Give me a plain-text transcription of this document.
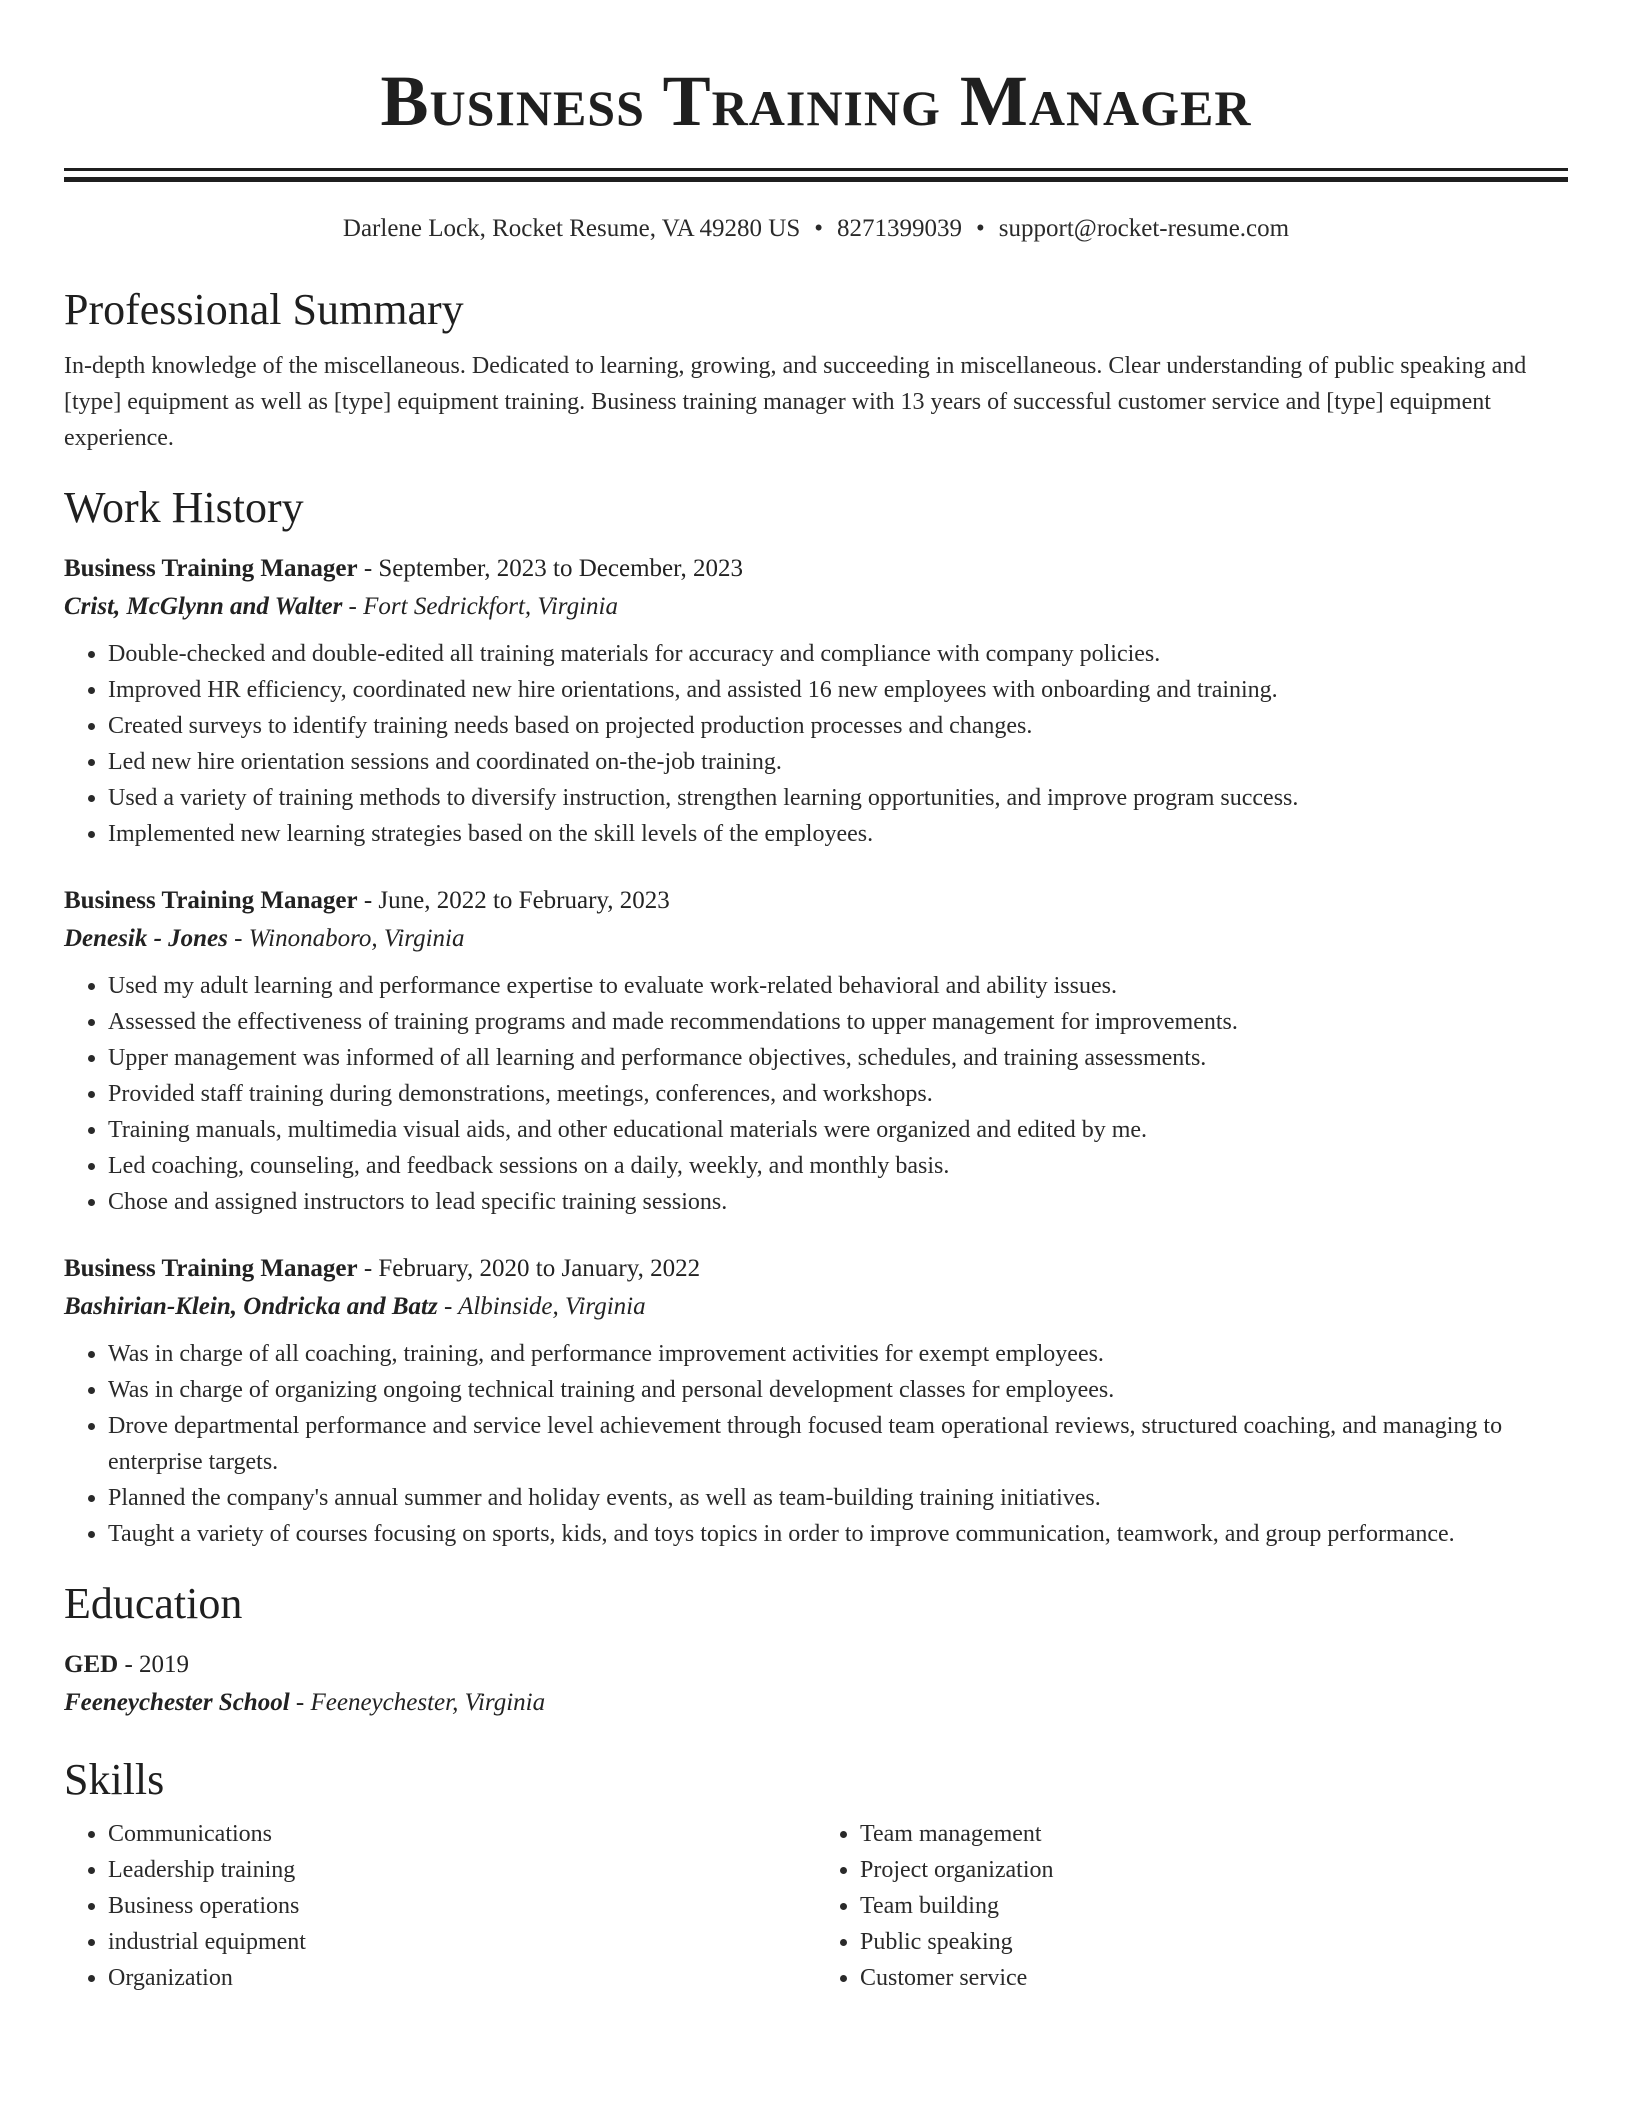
Business Training Manager
Darlene Lock, Rocket Resume, VA 49280 US • 8271399039 • support@rocket-resume.com
Professional Summary
In-depth knowledge of the miscellaneous. Dedicated to learning, growing, and succeeding in miscellaneous. Clear understanding of public speaking and [type] equipment as well as [type] equipment training. Business training manager with 13 years of successful customer service and [type] equipment experience.
Work History
Business Training Manager - September, 2023 to December, 2023
Crist, McGlynn and Walter - Fort Sedrickfort, Virginia
• Double-checked and double-edited all training materials for accuracy and compliance with company policies.
• Improved HR efficiency, coordinated new hire orientations, and assisted 16 new employees with onboarding and training.
• Created surveys to identify training needs based on projected production processes and changes.
• Led new hire orientation sessions and coordinated on-the-job training.
• Used a variety of training methods to diversify instruction, strengthen learning opportunities, and improve program success.
• Implemented new learning strategies based on the skill levels of the employees.
Business Training Manager - June, 2022 to February, 2023
Denesik - Jones - Winonaboro, Virginia
• Used my adult learning and performance expertise to evaluate work-related behavioral and ability issues.
• Assessed the effectiveness of training programs and made recommendations to upper management for improvements.
• Upper management was informed of all learning and performance objectives, schedules, and training assessments.
• Provided staff training during demonstrations, meetings, conferences, and workshops.
• Training manuals, multimedia visual aids, and other educational materials were organized and edited by me.
• Led coaching, counseling, and feedback sessions on a daily, weekly, and monthly basis.
• Chose and assigned instructors to lead specific training sessions.
Business Training Manager - February, 2020 to January, 2022
Bashirian-Klein, Ondricka and Batz - Albinside, Virginia
• Was in charge of all coaching, training, and performance improvement activities for exempt employees.
• Was in charge of organizing ongoing technical training and personal development classes for employees.
• Drove departmental performance and service level achievement through focused team operational reviews, structured coaching, and managing to enterprise targets.
• Planned the company's annual summer and holiday events, as well as team-building training initiatives.
• Taught a variety of courses focusing on sports, kids, and toys topics in order to improve communication, teamwork, and group performance.
Education
GED - 2019
Feeneychester School - Feeneychester, Virginia
Skills
• Communications
• Leadership training
• Business operations
• industrial equipment
• Organization
• Team management
• Project organization
• Team building
• Public speaking
• Customer service
